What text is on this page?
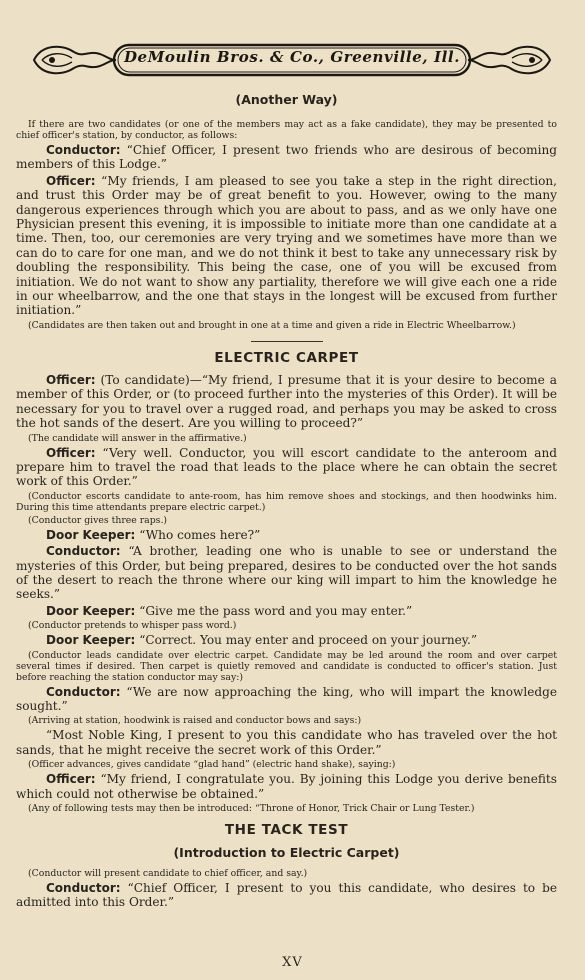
DeMoulin Bros. & Co., Greenville, Ill.
(Another Way)

If there are two candidates (or one of the members may act as a fake candidate), they may be presented to chief officer's station, by conductor, as follows:

Conductor: “Chief Officer, I present two friends who are desirous of becoming members of this Lodge.”

Officer: “My friends, I am pleased to see you take a step in the right direction, and trust this Order may be of great benefit to you. However, owing to the many dangerous experiences through which you are about to pass, and as we only have one Physician present this evening, it is impossible to initiate more than one candidate at a time. Then, too, our ceremonies are very trying and we sometimes have more than we can do to care for one man, and we do not think it best to take any unnecessary risk by doubling the responsibility. This being the case, one of you will be excused from initiation. We do not want to show any partiality, therefore we will give each one a ride in our wheelbarrow, and the one that stays in the longest will be excused from further initiation.”

(Candidates are then taken out and brought in one at a time and given a ride in Electric Wheelbarrow.)

ELECTRIC CARPET

Officer: (To candidate)—“My friend, I presume that it is your desire to become a member of this Order, or (to proceed further into the mysteries of this Order). It will be necessary for you to travel over a rugged road, and perhaps you may be asked to cross the hot sands of the desert. Are you willing to proceed?”

(The candidate will answer in the affirmative.)

Officer: “Very well. Conductor, you will escort candidate to the anteroom and prepare him to travel the road that leads to the place where he can obtain the secret work of this Order.”

(Conductor escorts candidate to ante-room, has him remove shoes and stockings, and then hoodwinks him. During this time attendants prepare electric carpet.)

(Conductor gives three raps.)

Door Keeper: “Who comes here?”

Conductor: “A brother, leading one who is unable to see or understand the mysteries of this Order, but being prepared, desires to be conducted over the hot sands of the desert to reach the throne where our king will impart to him the knowledge he seeks.”

Door Keeper: “Give me the pass word and you may enter.”

(Conductor pretends to whisper pass word.)

Door Keeper: “Correct. You may enter and proceed on your journey.”

(Conductor leads candidate over electric carpet. Candidate may be led around the room and over carpet several times if desired. Then carpet is quietly removed and candidate is conducted to officer's station. Just before reaching the station conductor may say:)

Conductor: “We are now approaching the king, who will impart the knowledge sought.”

(Arriving at station, hoodwink is raised and conductor bows and says:)

“Most Noble King, I present to you this candidate who has traveled over the hot sands, that he might receive the secret work of this Order.”

(Officer advances, gives candidate “glad hand” (electric hand shake), saying:)

Officer: “My friend, I congratulate you. By joining this Lodge you derive benefits which could not otherwise be obtained.”

(Any of following tests may then be introduced: “Throne of Honor, Trick Chair or Lung Tester.)

THE TACK TEST
(Introduction to Electric Carpet)

(Conductor will present candidate to chief officer, and say.)

Conductor: “Chief Officer, I present to you this candidate, who desires to be admitted into this Order.”

XV
